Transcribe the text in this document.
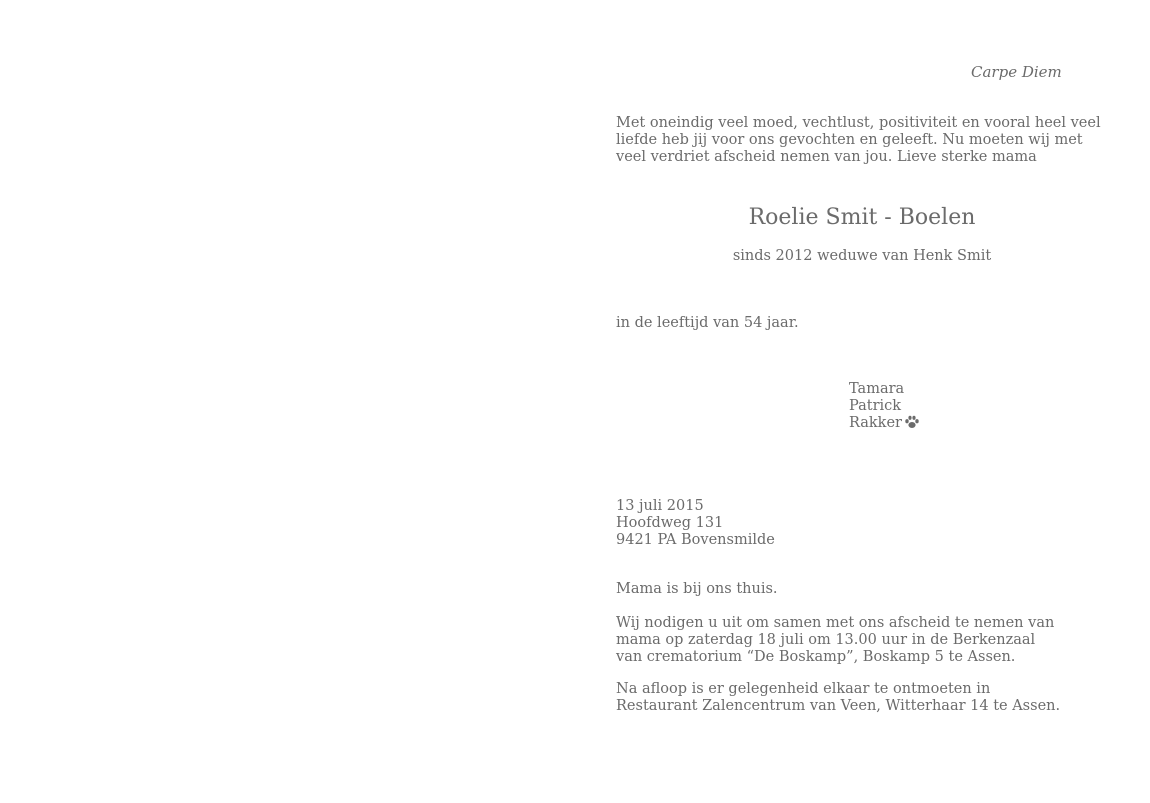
Carpe Diem
Met oneindig veel moed, vechtlust, positiviteit en vooral heel veel
liefde heb jij voor ons gevochten en geleeft. Nu moeten wij met
veel verdriet afscheid nemen van jou. Lieve sterke mama
Roelie Smit - Boelen
sinds 2012 weduwe van Henk Smit
in de leeftijd van 54 jaar.
Tamara
Patrick
Rakker
13 juli 2015
Hoofdweg 131
9421 PA Bovensmilde
Mama is bij ons thuis.
Wij nodigen u uit om samen met ons afscheid te nemen van
mama op zaterdag 18 juli om 13.00 uur in de Berkenzaal
van crematorium “De Boskamp”, Boskamp 5 te Assen.
Na afloop is er gelegenheid elkaar te ontmoeten in
Restaurant Zalencentrum van Veen, Witterhaar 14 te Assen.
